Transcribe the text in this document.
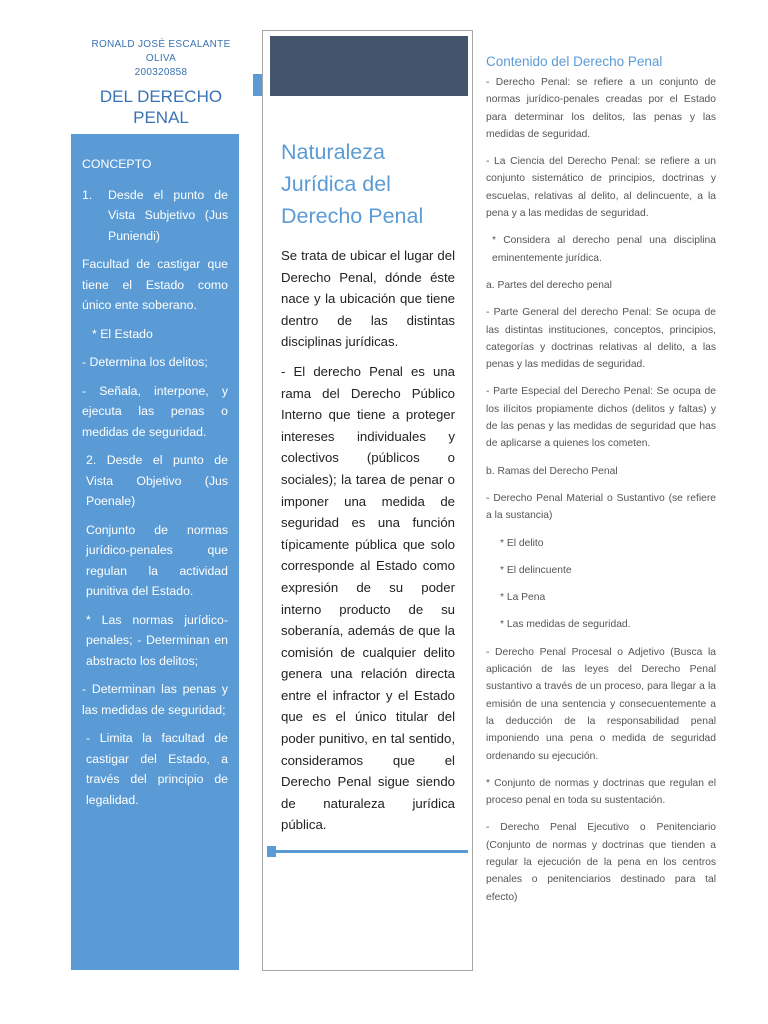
RONALD JOSÉ ESCALANTE
OLIVA
200320858
DEL DERECHO PENAL

CONCEPTO

1.	Desde el punto de Vista Subjetivo (Jus Puniendi)

Facultad de castigar que tiene el Estado como único ente soberano.

* El Estado

- Determina los delitos;

- Señala, interpone, y ejecuta las penas o medidas de seguridad.

2. Desde el punto de Vista Objetivo (Jus Poenale)

Conjunto de normas jurídico-penales que regulan la actividad punitiva del Estado.

* Las normas jurídico-penales; - Determinan en abstracto los delitos;

- Determinan las penas y las medidas de seguridad;

- Limita la facultad de castigar del Estado, a través del principio de legalidad.

Naturaleza Jurídica del Derecho Penal

Se trata de ubicar el lugar del Derecho Penal, dónde éste nace y la ubicación que tiene dentro de las distintas disciplinas jurídicas.

- El derecho Penal es una rama del Derecho Público Interno que tiene a proteger intereses individuales y colectivos (públicos o sociales); la tarea de penar o imponer una medida de seguridad es una función típicamente pública que solo corresponde al Estado como expresión de su poder interno producto de su soberanía, además de que la comisión de cualquier delito genera una relación directa entre el infractor y el Estado que es el único titular del poder punitivo, en tal sentido, consideramos que el Derecho Penal sigue siendo de naturaleza jurídica pública.

Contenido del Derecho Penal

- Derecho Penal: se refiere a un conjunto de normas jurídico-penales creadas por el Estado para determinar los delitos, las penas y las medidas de seguridad.

- La Ciencia del Derecho Penal: se refiere a un conjunto sistemático de principios, doctrinas y escuelas, relativas al delito, al delincuente, a la pena y a las medidas de seguridad.

* Considera al derecho penal una disciplina eminentemente jurídica.

a. Partes del derecho penal

- Parte General del derecho Penal: Se ocupa de las distintas instituciones, conceptos, principios, categorías y doctrinas relativas al delito, a las penas y las medidas de seguridad.

- Parte Especial del Derecho Penal: Se ocupa de los ilícitos propiamente dichos (delitos y faltas) y de las penas y las medidas de seguridad que has de aplicarse a quienes los cometen.

b. Ramas del Derecho Penal

- Derecho Penal Material o Sustantivo (se refiere a la sustancia)

* El delito

* El delincuente

* La Pena

* Las medidas de seguridad.

- Derecho Penal Procesal o Adjetivo (Busca la aplicación de las leyes del Derecho Penal sustantivo a través de un proceso, para llegar a la emisión de una sentencia y consecuentemente a la deducción de la responsabilidad penal imponiendo una pena o medida de seguridad ordenando su ejecución.

* Conjunto de normas y doctrinas que regulan el proceso penal en toda su sustentación.

- Derecho Penal Ejecutivo o Penitenciario (Conjunto de normas y doctrinas que tienden a regular la ejecución de la pena en los centros penales o penitenciarios destinado para tal efecto)
